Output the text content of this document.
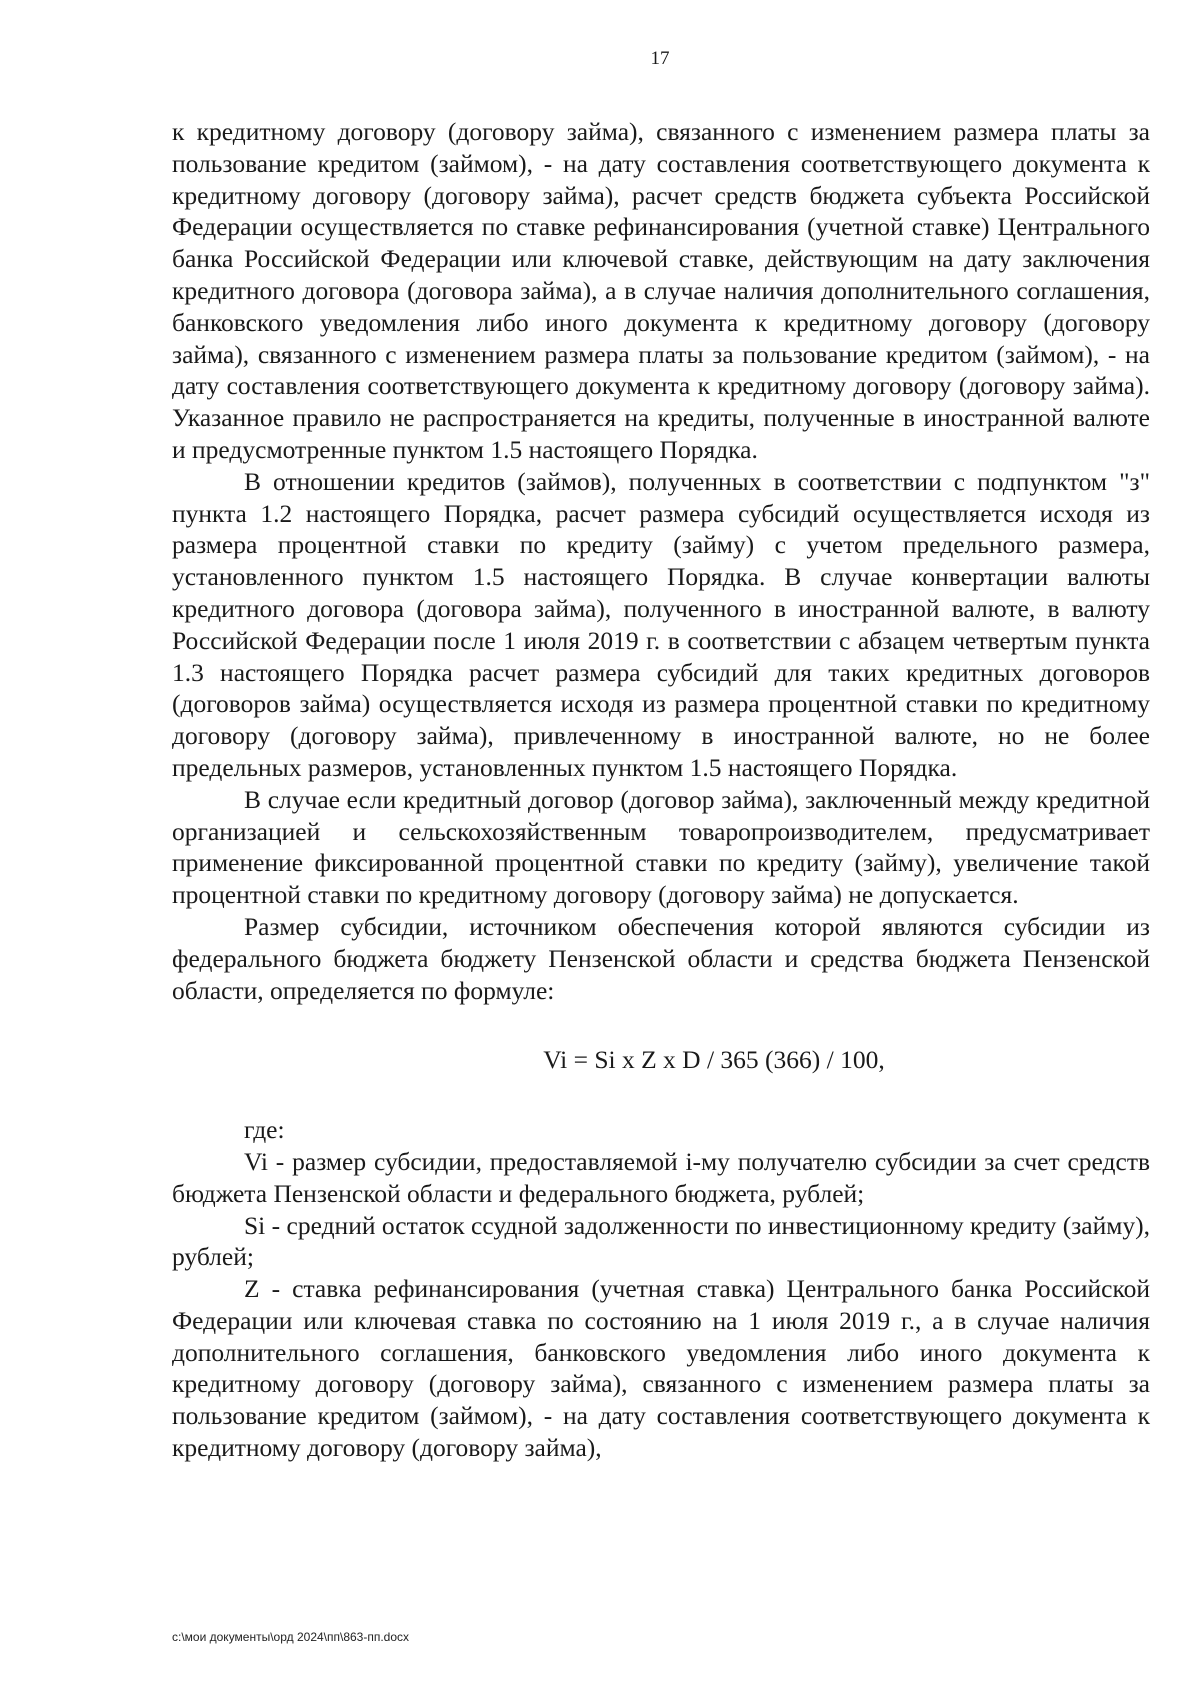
17

к кредитному договору (договору займа), связанного с изменением размера платы за пользование кредитом (займом), - на дату составления соответствующего документа к кредитному договору (договору займа), расчет средств бюджета субъекта Российской Федерации осуществляется по ставке рефинансирования (учетной ставке) Центрального банка Российской Федерации или ключевой ставке, действующим на дату заключения кредитного договора (договора займа), а в случае наличия дополнительного соглашения, банковского уведомления либо иного документа к кредитному договору (договору займа), связанного с изменением размера платы за пользование кредитом (займом), - на дату составления соответствующего документа к кредитному договору (договору займа). Указанное правило не распространяется на кредиты, полученные в иностранной валюте и предусмотренные пунктом 1.5 настоящего Порядка.

В отношении кредитов (займов), полученных в соответствии с подпунктом "з" пункта 1.2 настоящего Порядка, расчет размера субсидий осуществляется исходя из размера процентной ставки по кредиту (займу) с учетом предельного размера, установленного пунктом 1.5 настоящего Порядка. В случае конвертации валюты кредитного договора (договора займа), полученного в иностранной валюте, в валюту Российской Федерации после 1 июля 2019 г. в соответствии с абзацем четвертым пункта 1.3 настоящего Порядка расчет размера субсидий для таких кредитных договоров (договоров займа) осуществляется исходя из размера процентной ставки по кредитному договору (договору займа), привлеченному в иностранной валюте, но не более предельных размеров, установленных пунктом 1.5 настоящего Порядка.

В случае если кредитный договор (договор займа), заключенный между кредитной организацией и сельскохозяйственным товаропроизводителем, предусматривает применение фиксированной процентной ставки по кредиту (займу), увеличение такой процентной ставки по кредитному договору (договору займа) не допускается.

Размер субсидии, источником обеспечения которой являются субсидии из федерального бюджета бюджету Пензенской области и средства бюджета Пензенской области, определяется по формуле:

Vi = Si x Z x D / 365 (366) / 100,

где:

Vi - размер субсидии, предоставляемой i-му получателю субсидии за счет средств бюджета Пензенской области и федерального бюджета, рублей;

Si - средний остаток ссудной задолженности по инвестиционному кредиту (займу), рублей;

Z - ставка рефинансирования (учетная ставка) Центрального банка Российской Федерации или ключевая ставка по состоянию на 1 июля 2019 г., а в случае наличия дополнительного соглашения, банковского уведомления либо иного документа к кредитному договору (договору займа), связанного с изменением размера платы за пользование кредитом (займом), - на дату составления соответствующего документа к кредитному договору (договору займа),

с:\мои документы\орд 2024\пп\863-пп.docx
